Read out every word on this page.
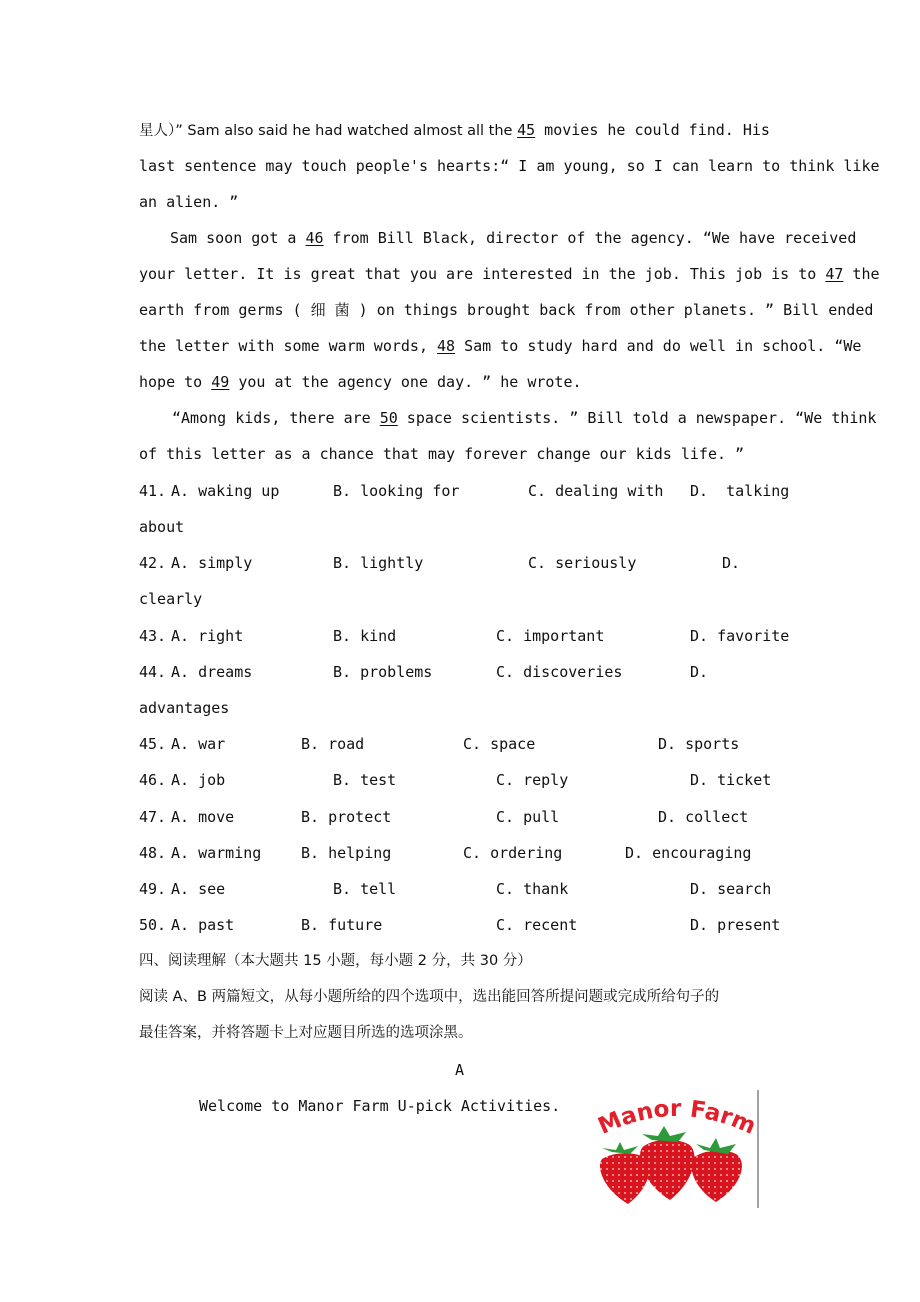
星人）” Sam also said he had watched almost all the 45 movies he could find. His
last sentence may touch people's hearts:“ I am young, so I can learn to think like
an alien. ”
Sam soon got a 46 from Bill Black, director of the agency. “We have received
your letter. It is great that you are interested in the job. This job is to 47 the
earth from germs ( 细 菌 ) on things brought back from other planets. ” Bill ended
the letter with some warm words, 48 Sam to study hard and do well in school. “We
hope to 49 you at the agency one day. ” he wrote.
“Among kids, there are 50 space scientists. ” Bill told a newspaper. “We think
of this letter as a chance that may forever change our kids life. ”
41. A. waking up	B. looking for	C. dealing with D.  talking
about
42. A. simply	B. lightly	C. seriously	D.
clearly
43. A. right	B. kind	C. important	D. favorite
44. A. dreams	B. problems	C. discoveries	D.
advantages
45. A. war	B. road	C. space	D. sports
46. A. job	B. test	C. reply	D. ticket
47. A. move	B. protect	C. pull	D. collect
48. A. warming	B. helping	C. ordering	D. encouraging
49. A. see	B. tell	C. thank	D. search
50. A. past	B. future	C. recent	D. present
四、阅读理解（本大题共 15 小题，每小题 2 分，共 30 分）
阅读 A、B 两篇短文，从每小题所给的四个选项中，选出能回答所提问题或完成所给句子的
最佳答案，并将答题卡上对应题目所选的选项涂黑。
A
Welcome to Manor Farm U-pick Activities.
Manor Farm
